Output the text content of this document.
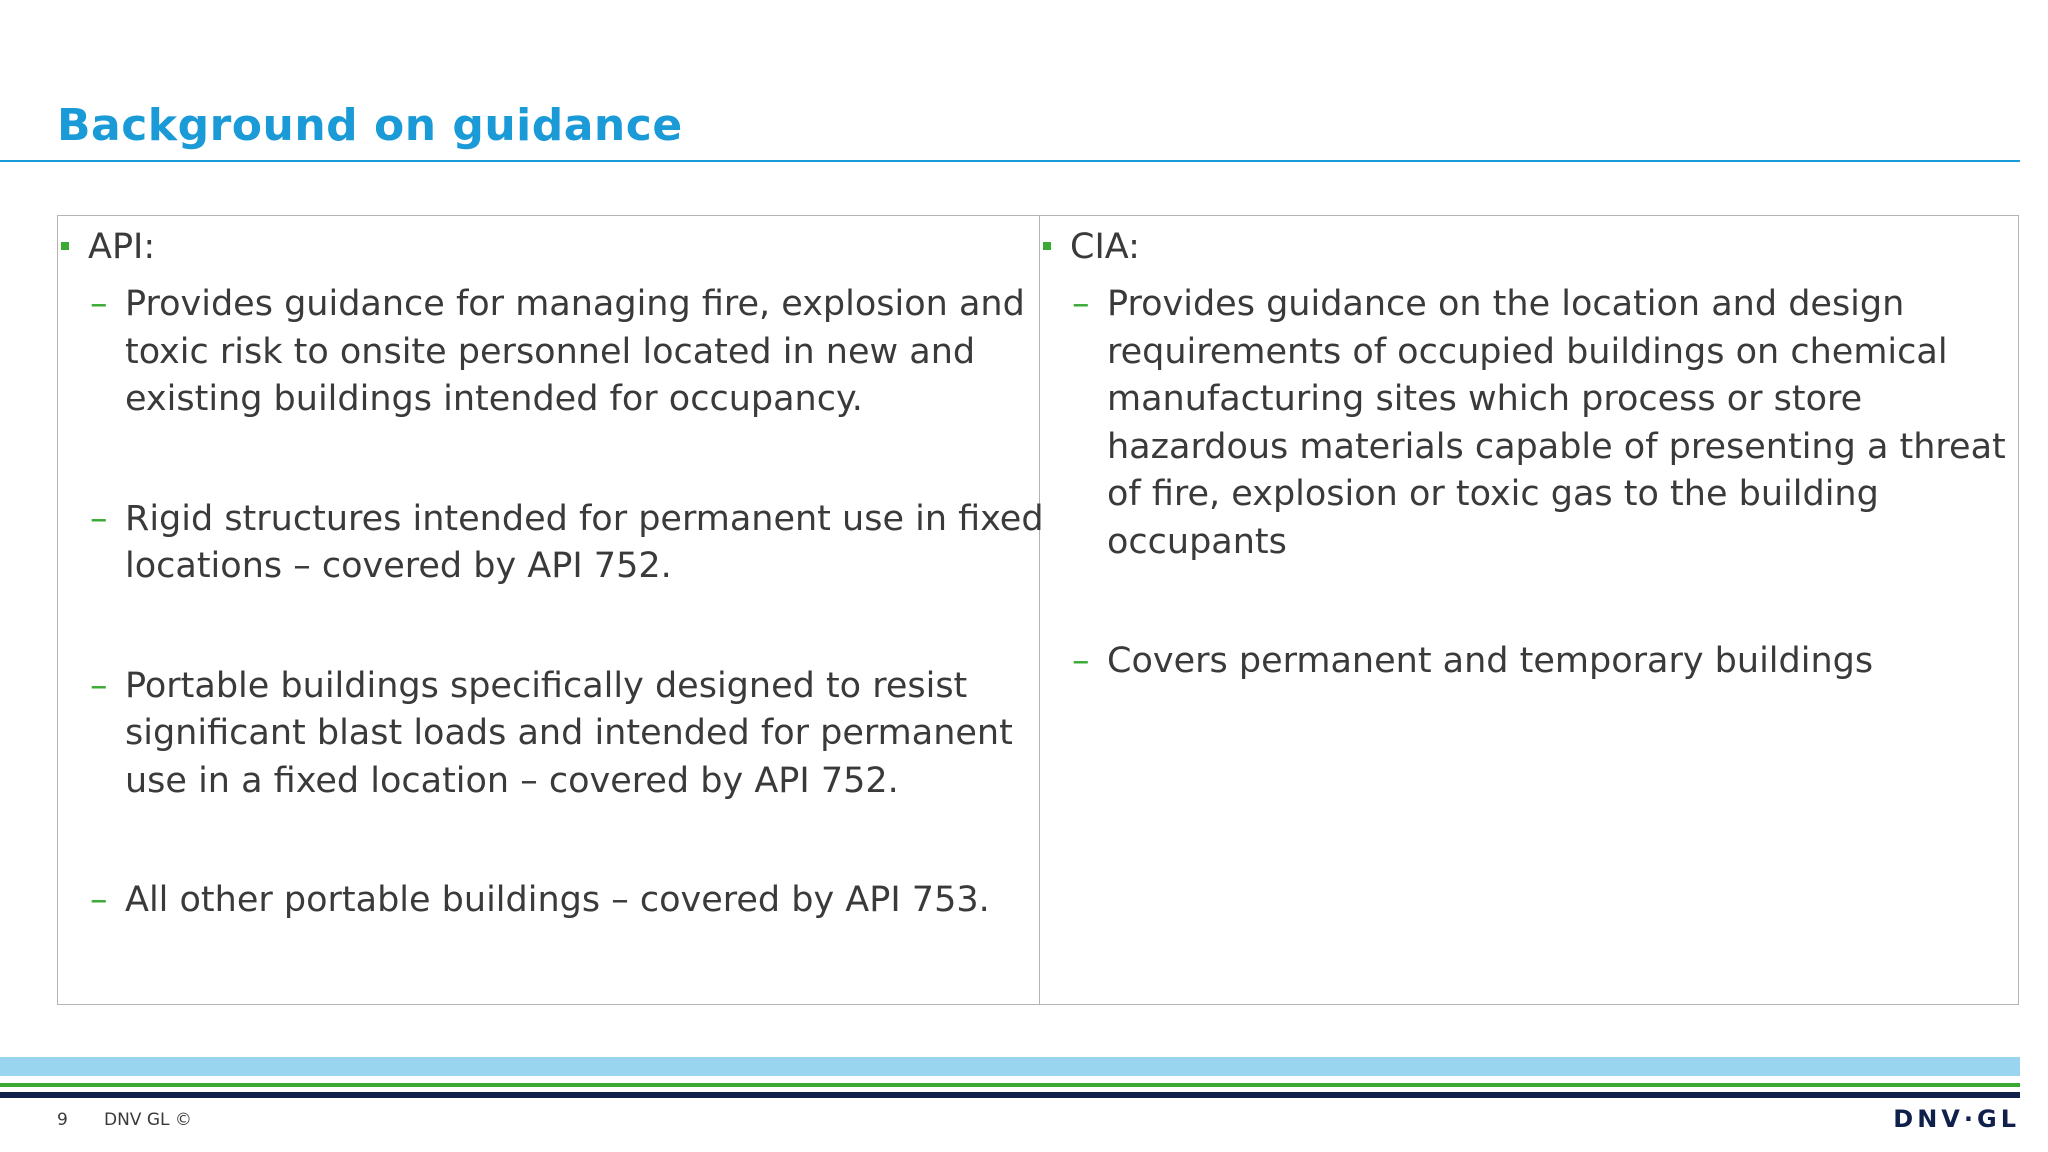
Background on guidance
API:
– Provides guidance for managing fire, explosion and
toxic risk to onsite personnel located in new and
existing buildings intended for occupancy.
– Rigid structures intended for permanent use in fixed
locations – covered by API 752.
– Portable buildings specifically designed to resist
significant blast loads and intended for permanent
use in a fixed location – covered by API 752.
– All other portable buildings – covered by API 753.
CIA:
– Provides guidance on the location and design
requirements of occupied buildings on chemical
manufacturing sites which process or store
hazardous materials capable of presenting a threat
of fire, explosion or toxic gas to the building
occupants
– Covers permanent and temporary buildings
9 DNV GL ©	DNV·GL
